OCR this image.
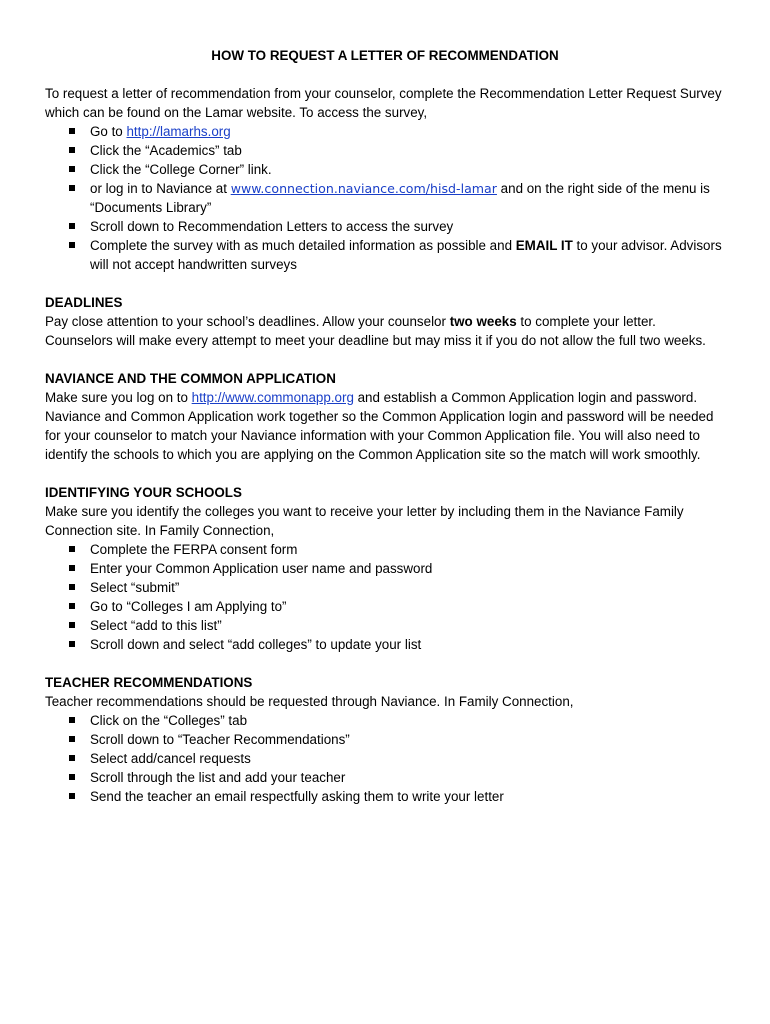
HOW TO REQUEST A LETTER OF RECOMMENDATION

To request a letter of recommendation from your counselor, complete the Recommendation Letter Request Survey which can be found on the Lamar website. To access the survey,

Go to http://lamarhs.org
Click the “Academics” tab
Click the “College Corner” link.
or log in to Naviance at www.connection.naviance.com/hisd-lamar and on the right side of the menu is “Documents Library”
Scroll down to Recommendation Letters to access the survey
Complete the survey with as much detailed information as possible and EMAIL IT to your advisor. Advisors will not accept handwritten surveys

DEADLINES

Pay close attention to your school’s deadlines. Allow your counselor two weeks to complete your letter. Counselors will make every attempt to meet your deadline but may miss it if you do not allow the full two weeks.

NAVIANCE AND THE COMMON APPLICATION

Make sure you log on to http://www.commonapp.org and establish a Common Application login and password. Naviance and Common Application work together so the Common Application login and password will be needed for your counselor to match your Naviance information with your Common Application file. You will also need to identify the schools to which you are applying on the Common Application site so the match will work smoothly.

IDENTIFYING YOUR SCHOOLS

Make sure you identify the colleges you want to receive your letter by including them in the Naviance Family Connection site. In Family Connection,

Complete the FERPA consent form
Enter your Common Application user name and password
Select “submit”
Go to “Colleges I am Applying to”
Select “add to this list”
Scroll down and select “add colleges” to update your list

TEACHER RECOMMENDATIONS

Teacher recommendations should be requested through Naviance. In Family Connection,

Click on the “Colleges” tab
Scroll down to “Teacher Recommendations”
Select add/cancel requests
Scroll through the list and add your teacher
Send the teacher an email respectfully asking them to write your letter
